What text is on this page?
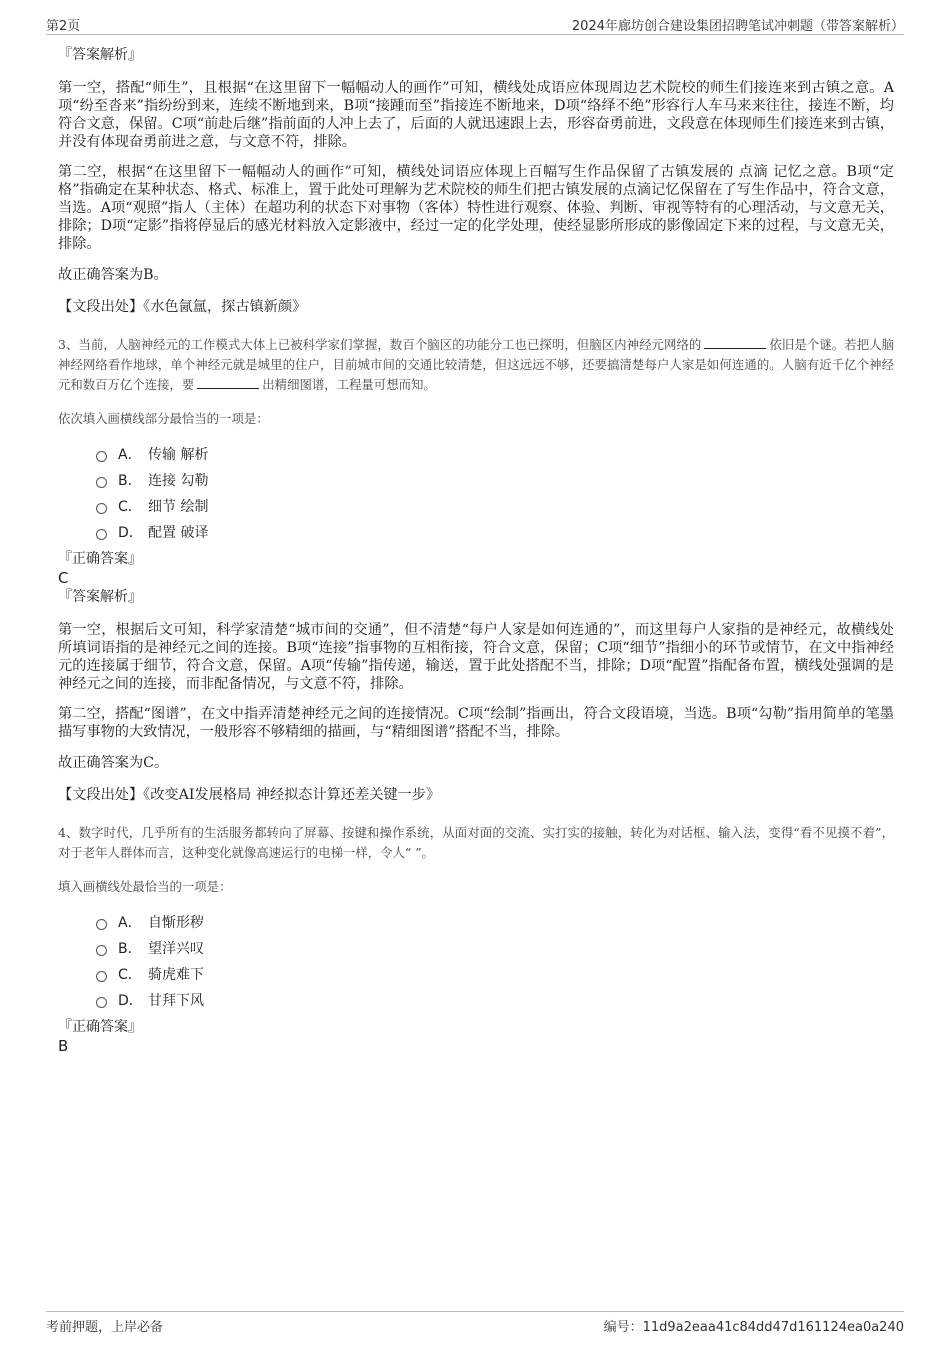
第2页	2024年廊坊创合建设集团招聘笔试冲刺题（带答案解析）
『答案解析』

第一空，搭配“师生”，且根据“在这里留下一幅幅动人的画作”可知，横线处成语应体现周边艺术院校的师生们接连来到古镇之意。A项“纷至沓来”指纷纷到来，连续不断地到来，B项“接踵而至”指接连不断地来，D项“络绎不绝”形容行人车马来来往往，接连不断，均符合文意，保留。C项“前赴后继”指前面的人冲上去了，后面的人就迅速跟上去，形容奋勇前进，文段意在体现师生们接连来到古镇，并没有体现奋勇前进之意，与文意不符，排除。

第二空，根据“在这里留下一幅幅动人的画作”可知，横线处词语应体现上百幅写生作品保留了古镇发展的 点滴 记忆之意。B项“定格”指确定在某种状态、格式、标准上，置于此处可理解为艺术院校的师生们把古镇发展的点滴记忆保留在了写生作品中，符合文意，当选。A项“观照”指人（主体）在超功利的状态下对事物（客体）特性进行观察、体验、判断、审视等特有的心理活动，与文意无关，排除；D项“定影”指将停显后的感光材料放入定影液中，经过一定的化学处理，使经显影所形成的影像固定下来的过程，与文意无关，排除。

故正确答案为B。

【文段出处】《水色氤氲，探古镇新颜》

3、当前，人脑神经元的工作模式大体上已被科学家们掌握，数百个脑区的功能分工也已探明，但脑区内神经元网络的	依旧是个谜。若把人脑神经网络看作地球，单个神经元就是城里的住户，目前城市间的交通比较清楚，但这远远不够，还要搞清楚每户人家是如何连通的。人脑有近千亿个神经元和数百万亿个连接，要	出精细图谱，工程量可想而知。

依次填入画横线部分最恰当的一项是：

A． 传输 解析
B． 连接 勾勒
C． 细节 绘制
D． 配置 破译
『正确答案』
C
『答案解析』

第一空，根据后文可知，科学家清楚“城市间的交通”，但不清楚“每户人家是如何连通的”，而这里每户人家指的是神经元，故横线处所填词语指的是神经元之间的连接。B项“连接”指事物的互相衔接，符合文意，保留；C项“细节”指细小的环节或情节，在文中指神经元的连接属于细节，符合文意，保留。A项“传输”指传递，输送，置于此处搭配不当，排除；D项“配置”指配备布置，横线处强调的是神经元之间的连接，而非配备情况，与文意不符，排除。

第二空，搭配“图谱”，在文中指弄清楚神经元之间的连接情况。C项“绘制”指画出，符合文段语境，当选。B项“勾勒”指用简单的笔墨描写事物的大致情况，一般形容不够精细的描画，与“精细图谱”搭配不当，排除。

故正确答案为C。

【文段出处】《改变AI发展格局 神经拟态计算还差关键一步》

4、数字时代，几乎所有的生活服务都转向了屏幕、按键和操作系统，从面对面的交流、实打实的接触，转化为对话框、输入法，变得“看不见摸不着”，对于老年人群体而言，这种变化就像高速运行的电梯一样，令人“ ”。

填入画横线处最恰当的一项是：

A． 自惭形秽
B． 望洋兴叹
C． 骑虎难下
D． 甘拜下风
『正确答案』
B
考前押题，上岸必备	编号：11d9a2eaa41c84dd47d161124ea0a240
